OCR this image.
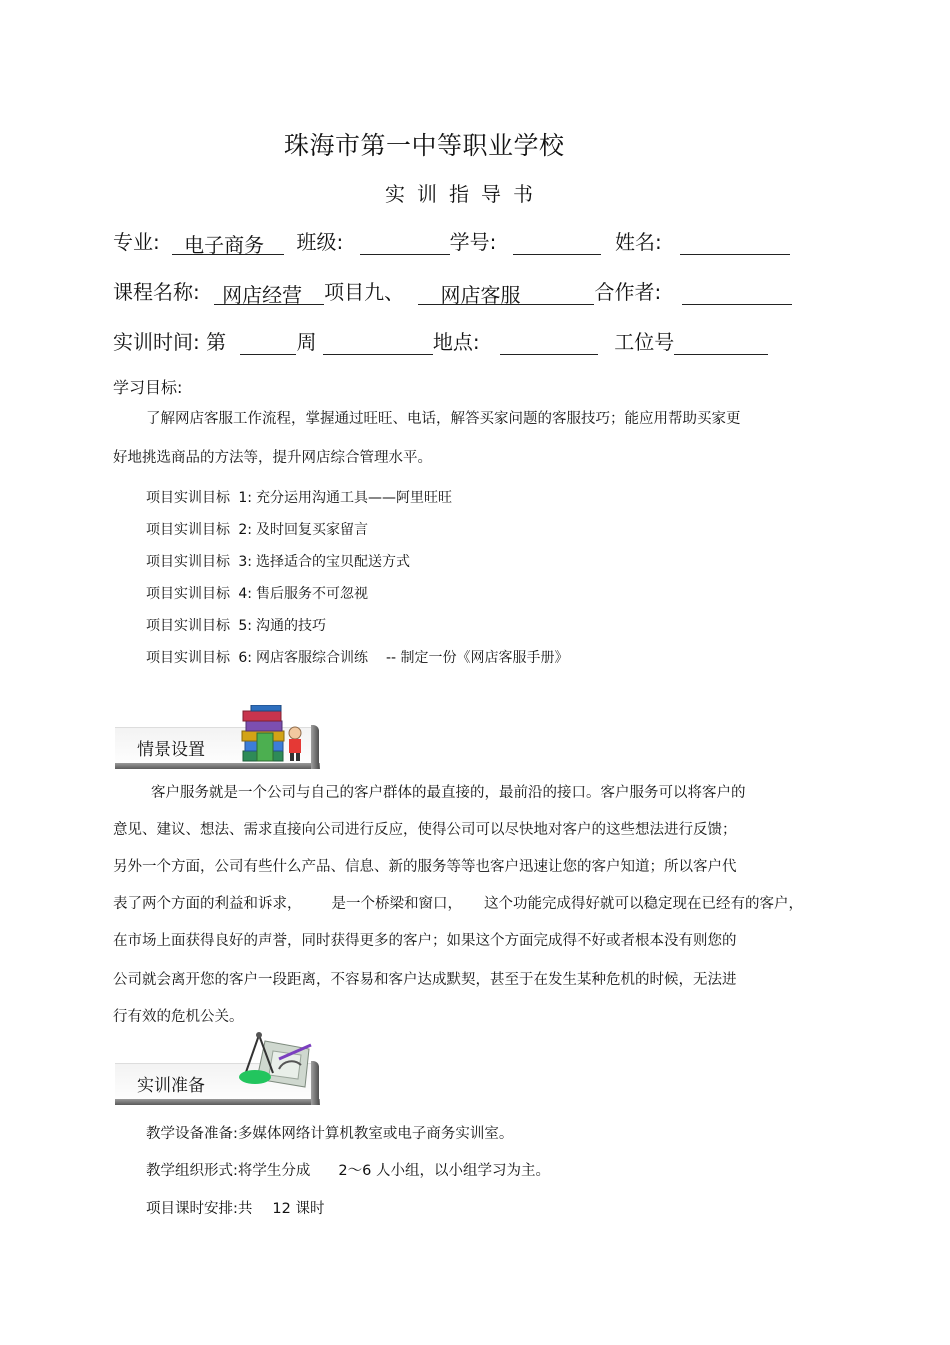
珠海市第一中等职业学校
实训指导书
专业: 电子商务 班级:	学号:	姓名:
课程名称: 网店经营 项目九、 网店客服	合作者:
实训时间: 第	周	地点:	工位号
学习目标:
了解网店客服工作流程，掌握通过旺旺、电话，解答买家问题的客服技巧；能应用帮助买家更
好地挑选商品的方法等，提升网店综合管理水平。
项目实训目标 1: 充分运用沟通工具——阿里旺旺
项目实训目标 2: 及时回复买家留言
项目实训目标 3: 选择适合的宝贝配送方式
项目实训目标 4: 售后服务不可忽视
项目实训目标 5: 沟通的技巧
项目实训目标 6: 网店客服综合训练 -- 制定一份《网店客服手册》
情景设置
客户服务就是一个公司与自己的客户群体的最直接的，最前沿的接口。客户服务可以将客户的
意见、建议、想法、需求直接向公司进行反应，使得公司可以尽快地对客户的这些想法进行反馈；
另外一个方面，公司有些什么产品、信息、新的服务等等也客户迅速让您的客户知道；所以客户代
表了两个方面的利益和诉求， 是一个桥梁和窗口， 这个功能完成得好就可以稳定现在已经有的客户，
在市场上面获得良好的声誉，同时获得更多的客户；如果这个方面完成得不好或者根本没有则您的
公司就会离开您的客户一段距离，不容易和客户达成默契，甚至于在发生某种危机的时候，无法进
行有效的危机公关。
实训准备
教学设备准备:多媒体网络计算机教室或电子商务实训室。
教学组织形式:将学生分成 2～6 人小组，以小组学习为主。
项目课时安排:共 12 课时
